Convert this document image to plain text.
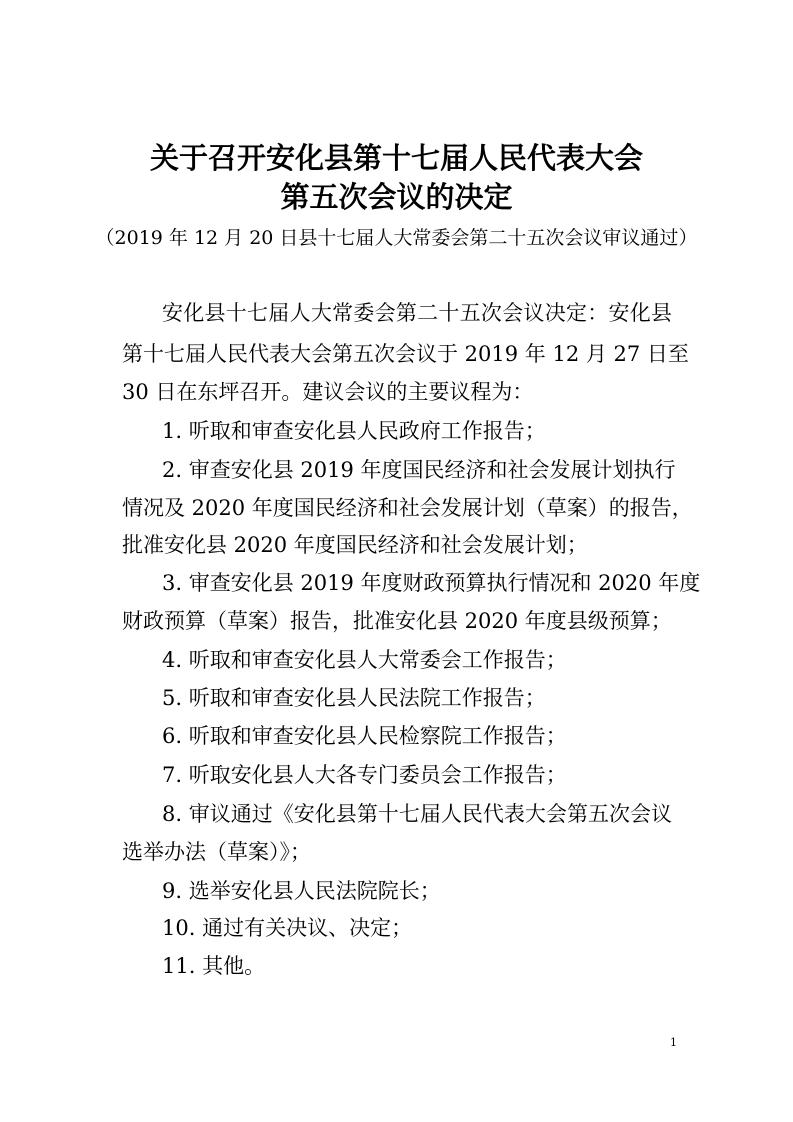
关于召开安化县第十七届人民代表大会
第五次会议的决定
（2019 年 12 月 20 日县十七届人大常委会第二十五次会议审议通过）
安化县十七届人大常委会第二十五次会议决定：安化县
第十七届人民代表大会第五次会议于 2019 年 12 月 27 日至
30 日在东坪召开。建议会议的主要议程为：
1. 听取和审查安化县人民政府工作报告；
2. 审查安化县 2019 年度国民经济和社会发展计划执行
情况及 2020 年度国民经济和社会发展计划（草案）的报告，
批准安化县 2020 年度国民经济和社会发展计划；
3. 审查安化县 2019 年度财政预算执行情况和 2020 年度
财政预算（草案）报告，批准安化县 2020 年度县级预算；
4. 听取和审查安化县人大常委会工作报告；
5. 听取和审查安化县人民法院工作报告；
6. 听取和审查安化县人民检察院工作报告；
7. 听取安化县人大各专门委员会工作报告；
8. 审议通过《安化县第十七届人民代表大会第五次会议
选举办法（草案）》；
9. 选举安化县人民法院院长；
10. 通过有关决议、决定；
11. 其他。
1
